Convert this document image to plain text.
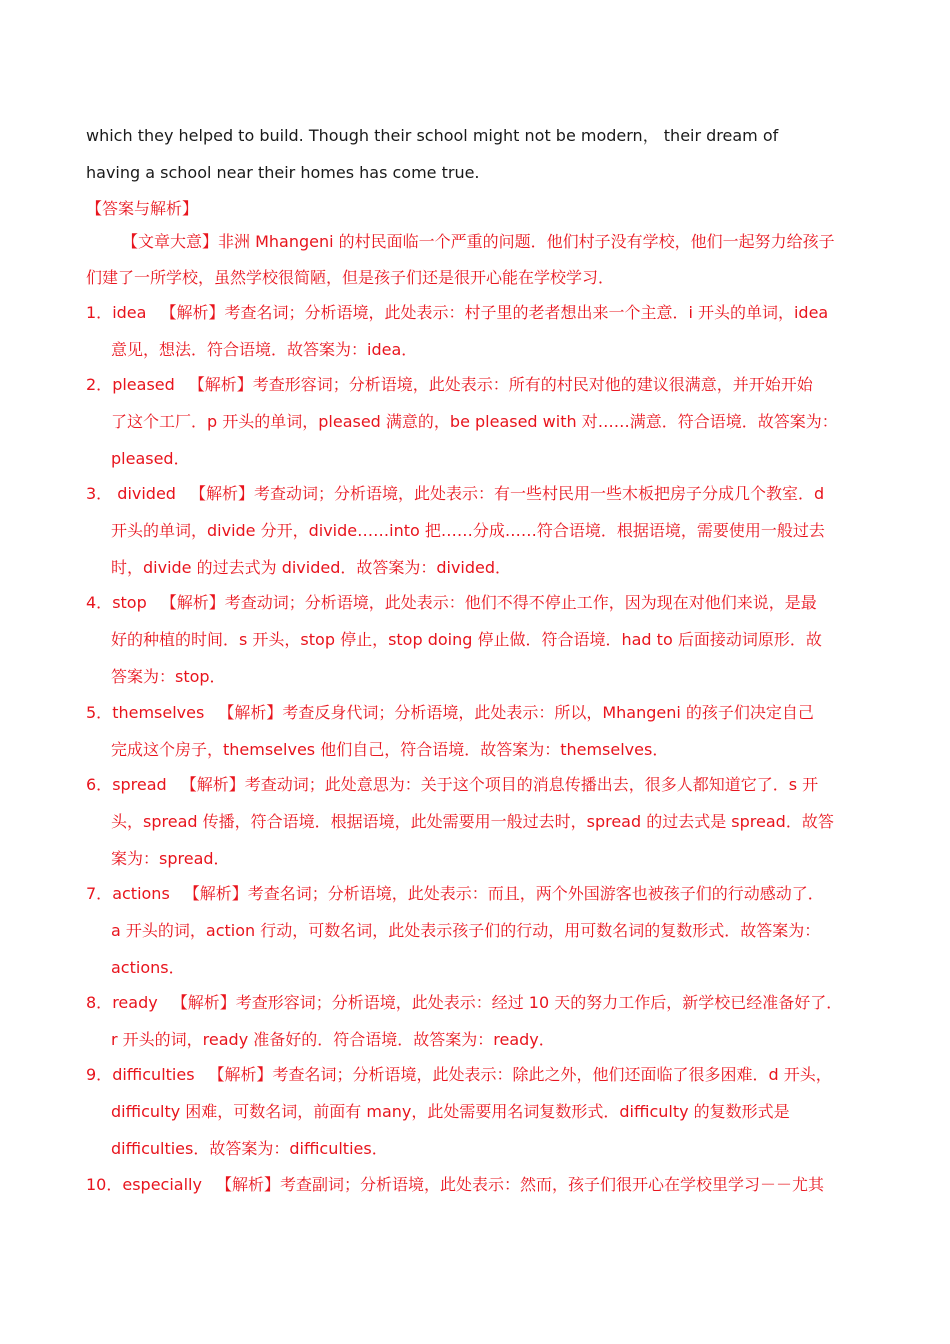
which they helped to build. Though their school might not be modern， their dream of
having a school near their homes has come true.
【答案与解析】
【文章大意】非洲 Mhangeni 的村民面临一个严重的问题．他们村子没有学校，他们一起努力给孩子
们建了一所学校，虽然学校很简陋，但是孩子们还是很开心能在学校学习．
1．idea 【解析】考查名词；分析语境，此处表示：村子里的老者想出来一个主意．i 开头的单词，idea
意见，想法．符合语境．故答案为：idea．
2．pleased 【解析】考查形容词；分析语境，此处表示：所有的村民对他的建议很满意，并开始开始
了这个工厂．p 开头的单词，pleased 满意的，be pleased with 对……满意．符合语境．故答案为：
pleased．
3． divided 【解析】考查动词；分析语境，此处表示：有一些村民用一些木板把房子分成几个教室．d
开头的单词，divide 分开，divide……into 把……分成……符合语境．根据语境，需要使用一般过去
时，divide 的过去式为 divided．故答案为：divided．
4．stop 【解析】考查动词；分析语境，此处表示：他们不得不停止工作，因为现在对他们来说，是最
好的种植的时间．s 开头，stop 停止，stop doing 停止做．符合语境．had to 后面接动词原形．故
答案为：stop．
5．themselves 【解析】考查反身代词；分析语境，此处表示：所以，Mhangeni 的孩子们决定自己
完成这个房子，themselves 他们自己，符合语境．故答案为：themselves．
6．spread 【解析】考查动词；此处意思为：关于这个项目的消息传播出去，很多人都知道它了．s 开
头，spread 传播，符合语境．根据语境，此处需要用一般过去时，spread 的过去式是 spread．故答
案为：spread．
7．actions 【解析】考查名词；分析语境，此处表示：而且，两个外国游客也被孩子们的行动感动了．
a 开头的词，action 行动，可数名词，此处表示孩子们的行动，用可数名词的复数形式．故答案为：
actions．
8．ready 【解析】考查形容词；分析语境，此处表示：经过 10 天的努力工作后，新学校已经准备好了．
r 开头的词，ready 准备好的．符合语境．故答案为：ready．
9．difficulties 【解析】考查名词；分析语境，此处表示：除此之外，他们还面临了很多困难．d 开头，
difficulty 困难，可数名词，前面有 many，此处需要用名词复数形式．difficulty 的复数形式是
difficulties．故答案为：difficulties．
10．especially 【解析】考查副词；分析语境，此处表示：然而，孩子们很开心在学校里学习－－尤其
